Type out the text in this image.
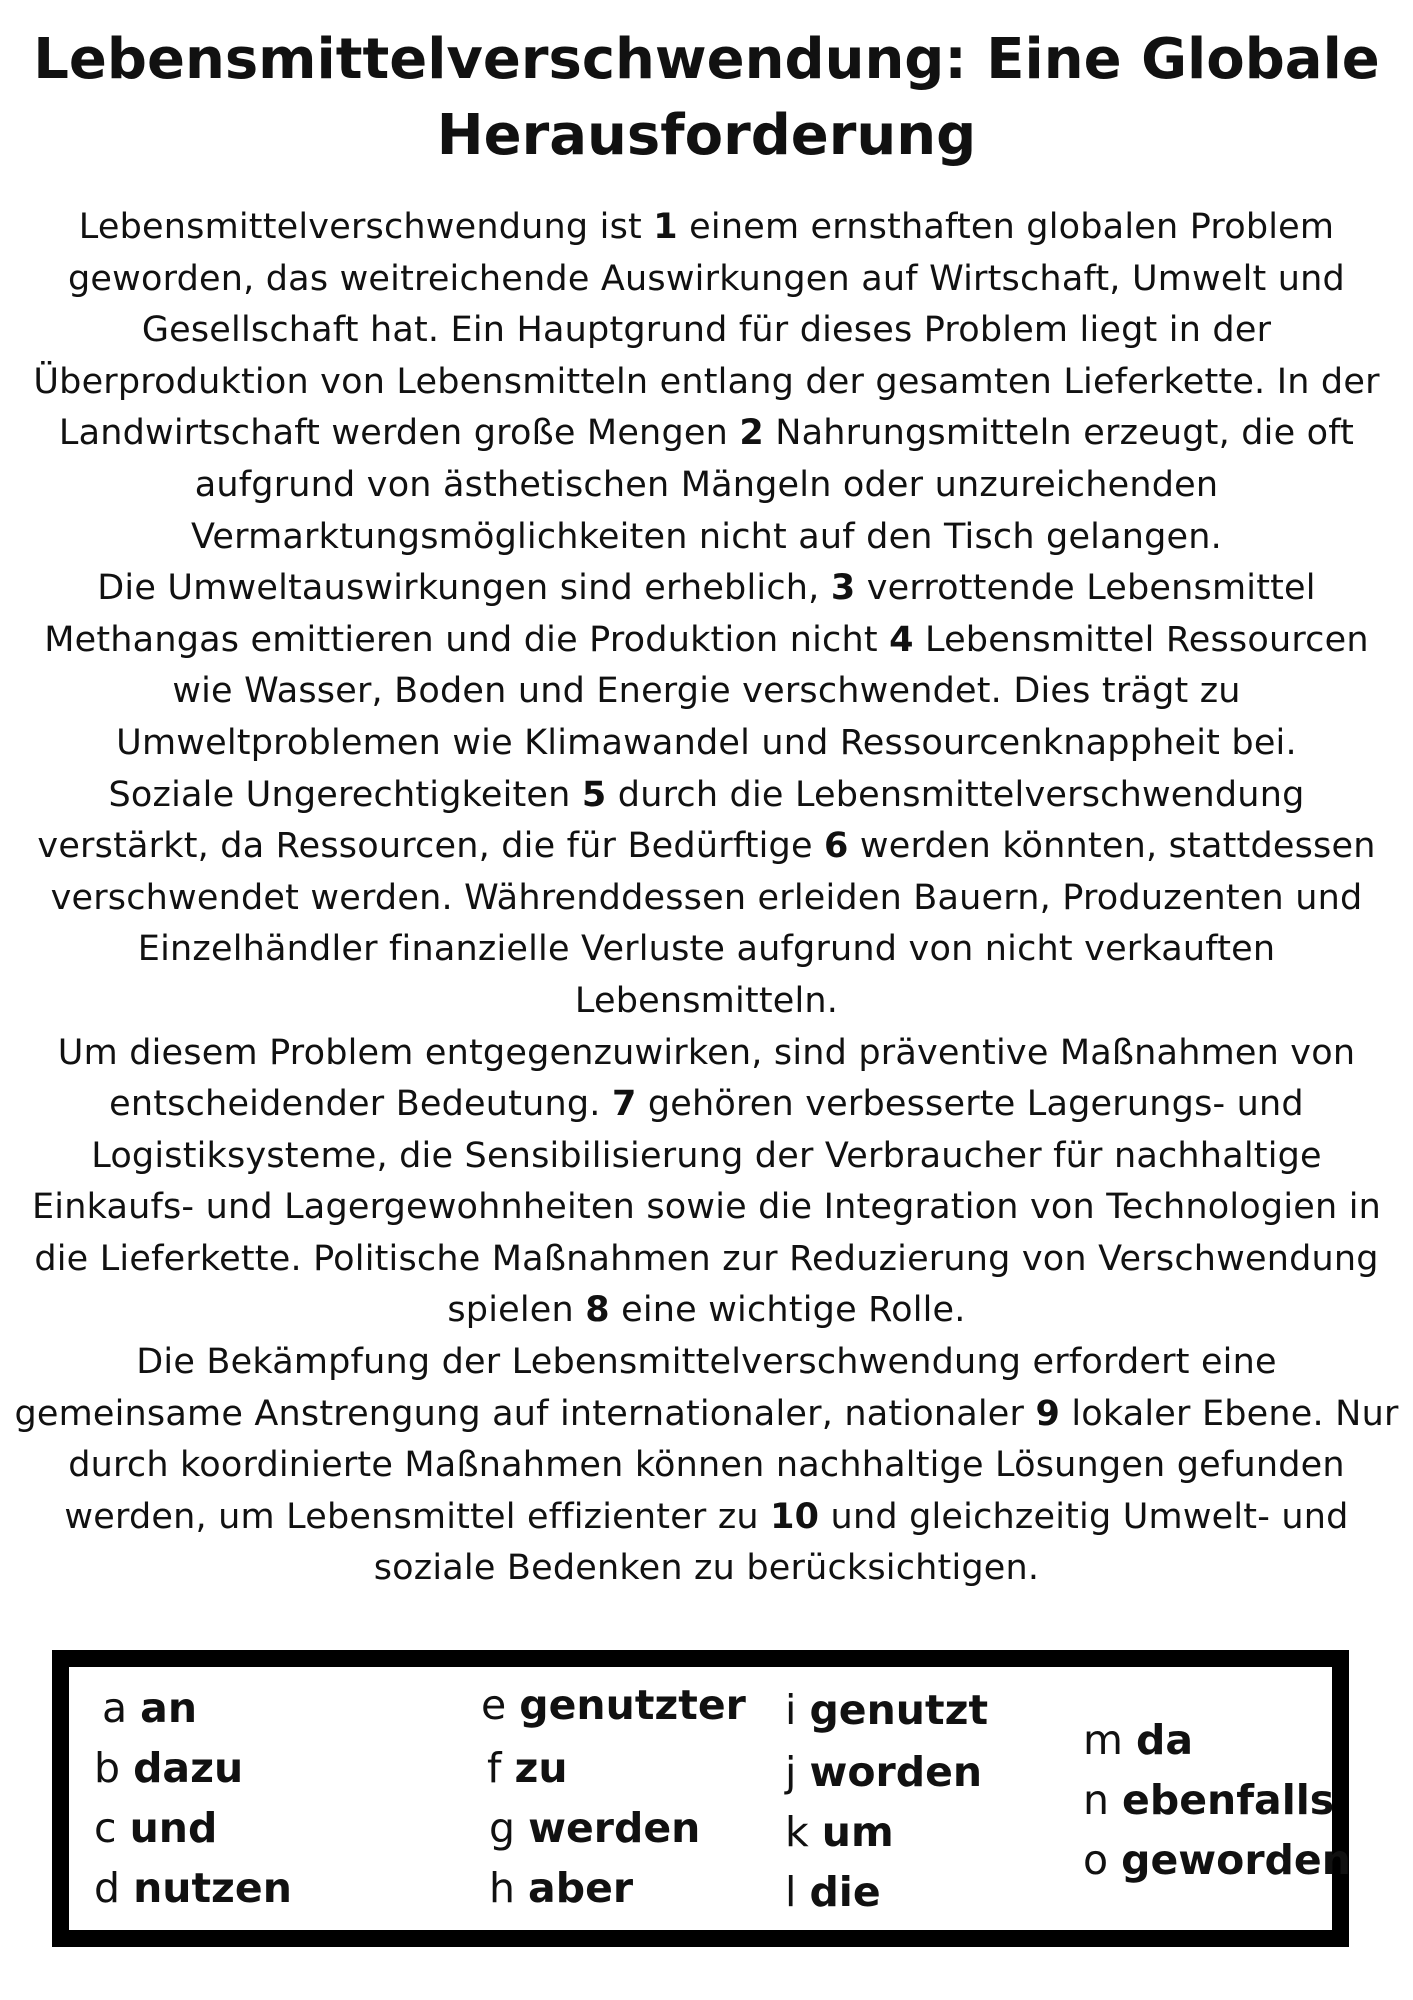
Lebensmittelverschwendung: Eine Globale
Herausforderung
Lebensmittelverschwendung ist 1 einem ernsthaften globalen Problem
geworden, das weitreichende Auswirkungen auf Wirtschaft, Umwelt und
Gesellschaft hat. Ein Hauptgrund für dieses Problem liegt in der
Überproduktion von Lebensmitteln entlang der gesamten Lieferkette. In der
Landwirtschaft werden große Mengen 2 Nahrungsmitteln erzeugt, die oft
aufgrund von ästhetischen Mängeln oder unzureichenden
Vermarktungsmöglichkeiten nicht auf den Tisch gelangen.
Die Umweltauswirkungen sind erheblich, 3 verrottende Lebensmittel
Methangas emittieren und die Produktion nicht 4 Lebensmittel Ressourcen
wie Wasser, Boden und Energie verschwendet. Dies trägt zu
Umweltproblemen wie Klimawandel und Ressourcenknappheit bei.
Soziale Ungerechtigkeiten 5 durch die Lebensmittelverschwendung
verstärkt, da Ressourcen, die für Bedürftige 6 werden könnten, stattdessen
verschwendet werden. Währenddessen erleiden Bauern, Produzenten und
Einzelhändler finanzielle Verluste aufgrund von nicht verkauften
Lebensmitteln.
Um diesem Problem entgegenzuwirken, sind präventive Maßnahmen von
entscheidender Bedeutung. 7 gehören verbesserte Lagerungs- und
Logistiksysteme, die Sensibilisierung der Verbraucher für nachhaltige
Einkaufs- und Lagergewohnheiten sowie die Integration von Technologien in
die Lieferkette. Politische Maßnahmen zur Reduzierung von Verschwendung
spielen 8 eine wichtige Rolle.
Die Bekämpfung der Lebensmittelverschwendung erfordert eine
gemeinsame Anstrengung auf internationaler, nationaler 9 lokaler Ebene. Nur
durch koordinierte Maßnahmen können nachhaltige Lösungen gefunden
werden, um Lebensmittel effizienter zu 10 und gleichzeitig Umwelt- und
soziale Bedenken zu berücksichtigen.
a an
b dazu
c und
d nutzen
e genutzter
f zu
g werden
h aber
i genutzt
j worden
k um
l die
m da
n ebenfalls
o geworden
